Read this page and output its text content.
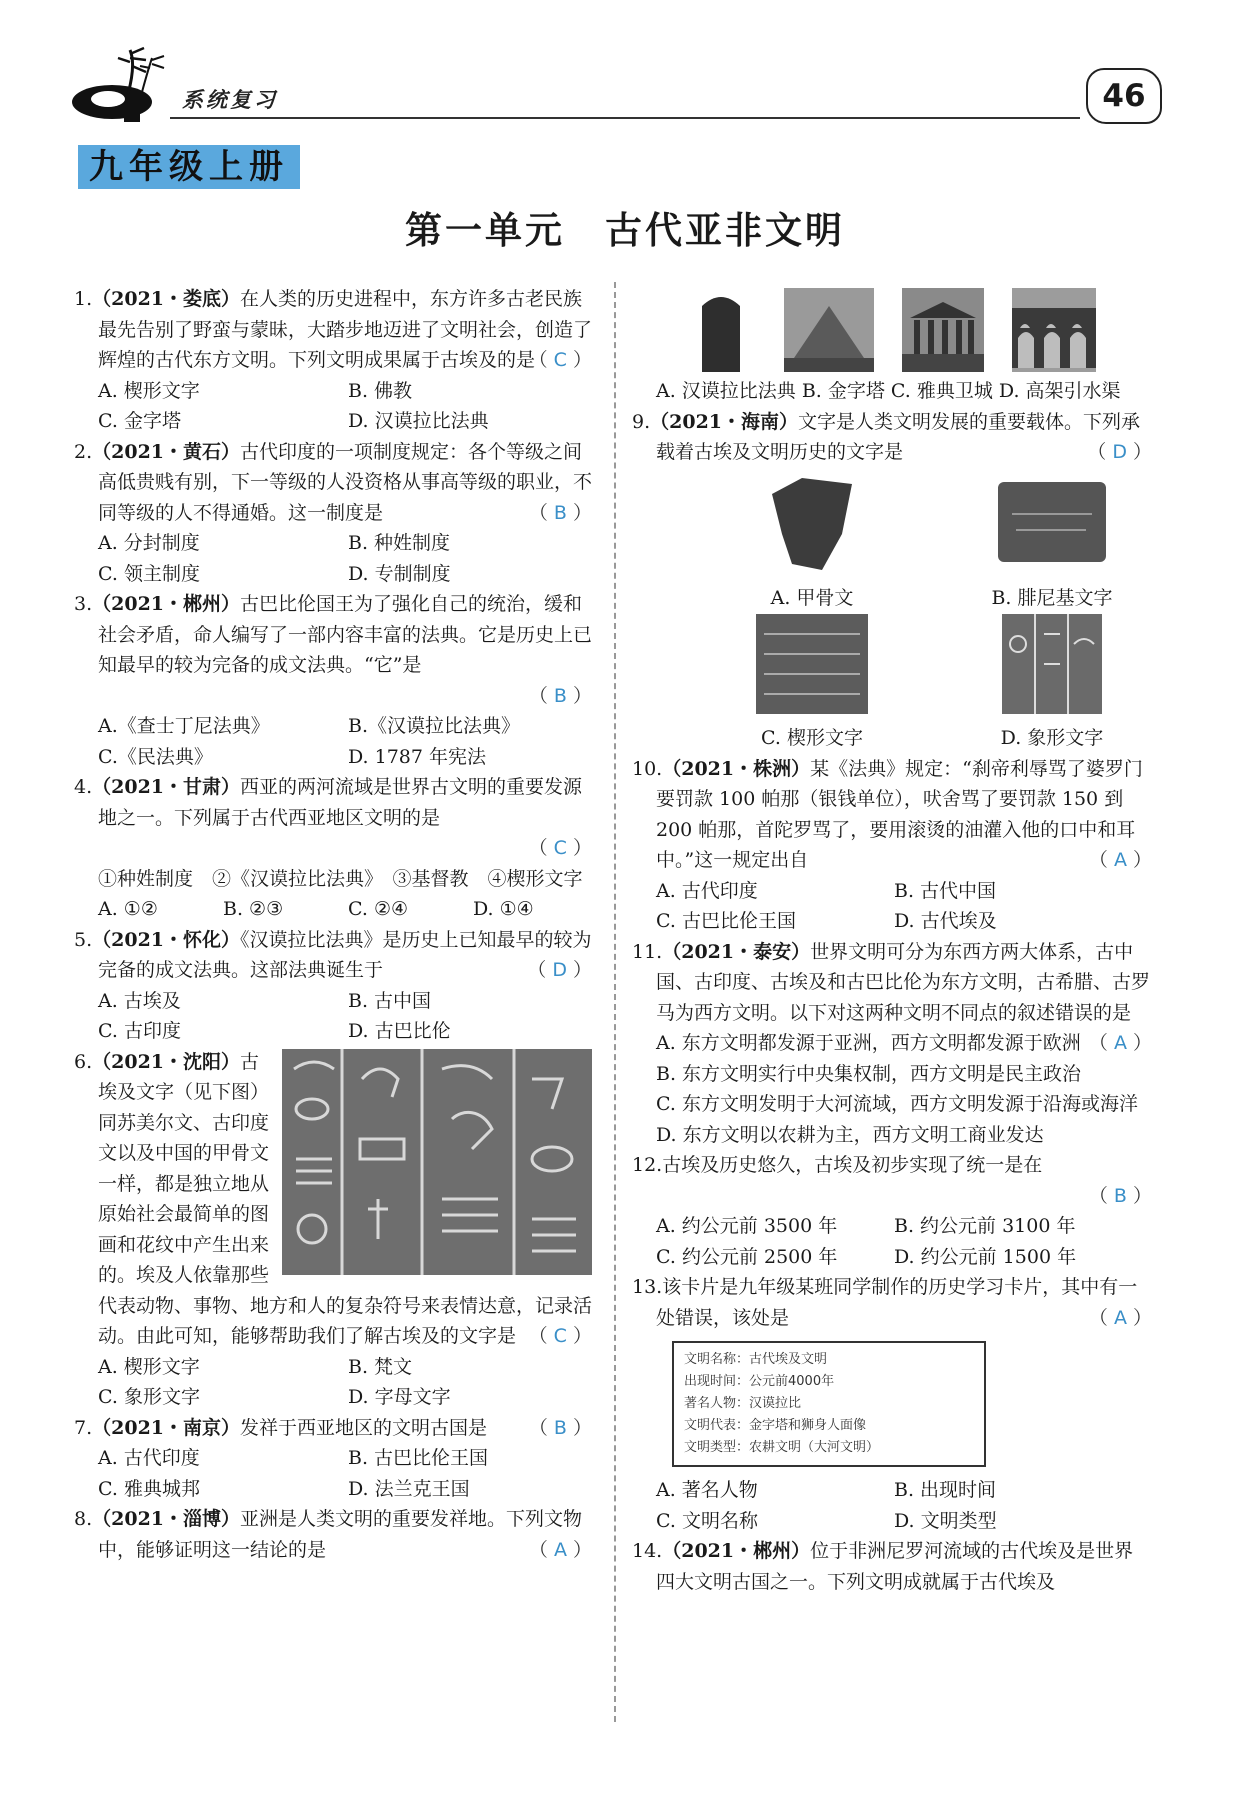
系统复习	46
九年级上册
第一单元　古代亚非文明
1.（2021・娄底）在人类的历史进程中，东方许多古老民族最先告别了野蛮与蒙昧，大踏步地迈进了文明社会，创造了辉煌的古代东方文明。下列文明成果属于古埃及的是 （ C ）
A. 楔形文字	B. 佛教
C. 金字塔	D. 汉谟拉比法典
2.（2021・黄石）古代印度的一项制度规定：各个等级之间高低贵贱有别，下一等级的人没资格从事高等级的职业，不同等级的人不得通婚。这一制度是	（ B ）
A. 分封制度	B. 种姓制度
C. 领主制度	D. 专制制度
3.（2021・郴州）古巴比伦国王为了强化自己的统治，缓和社会矛盾，命人编写了一部内容丰富的法典。它是历史上已知最早的较为完备的成文法典。“它”是
（ B ）
A.《查士丁尼法典》	B.《汉谟拉比法典》
C.《民法典》	D. 1787 年宪法
4.（2021・甘肃）西亚的两河流域是世界古文明的重要发源地之一。下列属于古代西亚地区文明的是
（ C ）
①种姓制度　②《汉谟拉比法典》　③基督教　④楔形文字
A. ①②	B. ②③	C. ②④	D. ①④
5.（2021・怀化）《汉谟拉比法典》是历史上已知最早的较为完备的成文法典。这部法典诞生于	（ D ）
A. 古埃及	B. 古中国
C. 古印度	D. 古巴比伦
6.（2021・沈阳）古埃及文字（见下图）同苏美尔文、古印度文以及中国的甲骨文一样，都是独立地从原始社会最简单的图画和花纹中产生出来的。埃及人依靠那些代表动物、事物、地方和人的复杂符号来表情达意，记录活动。由此可知，能够帮助我们了解古埃及的文字是 （ C ）
A. 楔形文字	B. 梵文
C. 象形文字	D. 字母文字
7.（2021・南京）发祥于西亚地区的文明古国是	（ B ）
A. 古代印度	B. 古巴比伦王国
C. 雅典城邦	D. 法兰克王国
8.（2021・淄博）亚洲是人类文明的重要发祥地。下列文物中，能够证明这一结论的是	（ A ）
A. 汉谟拉比法典 B. 金字塔 C. 雅典卫城 D. 高架引水渠
9.（2021・海南）文字是人类文明发展的重要载体。下列承载着古埃及文明历史的文字是	（ D ）
A. 甲骨文	B. 腓尼基文字
C. 楔形文字	D. 象形文字
10.（2021・株洲）某《法典》规定：“刹帝利辱骂了婆罗门要罚款 100 帕那（银钱单位），吠舍骂了要罚款 150 到 200 帕那，首陀罗骂了，要用滚烫的油灌入他的口中和耳中。”这一规定出自	（ A ）
A. 古代印度	B. 古代中国
C. 古巴比伦王国	D. 古代埃及
11.（2021・泰安）世界文明可分为东西方两大体系，古中国、古印度、古埃及和古巴比伦为东方文明，古希腊、古罗马为西方文明。以下对这两种文明不同点的叙述错误的是
（ A ）
A. 东方文明都发源于亚洲，西方文明都发源于欧洲
B. 东方文明实行中央集权制，西方文明是民主政治
C. 东方文明发明于大河流域，西方文明发源于沿海或海洋
D. 东方文明以农耕为主，西方文明工商业发达
12.古埃及历史悠久，古埃及初步实现了统一是在
（ B ）
A. 约公元前 3500 年	B. 约公元前 3100 年
C. 约公元前 2500 年	D. 约公元前 1500 年
13.该卡片是九年级某班同学制作的历史学习卡片，其中有一处错误，该处是	（ A ）
文明名称：古代埃及文明
出现时间：公元前4000年
著名人物：汉谟拉比
文明代表：金字塔和狮身人面像
文明类型：农耕文明（大河文明）
A. 著名人物	B. 出现时间
C. 文明名称	D. 文明类型
14.（2021・郴州）位于非洲尼罗河流域的古代埃及是世界四大文明古国之一。下列文明成就属于古代埃及
